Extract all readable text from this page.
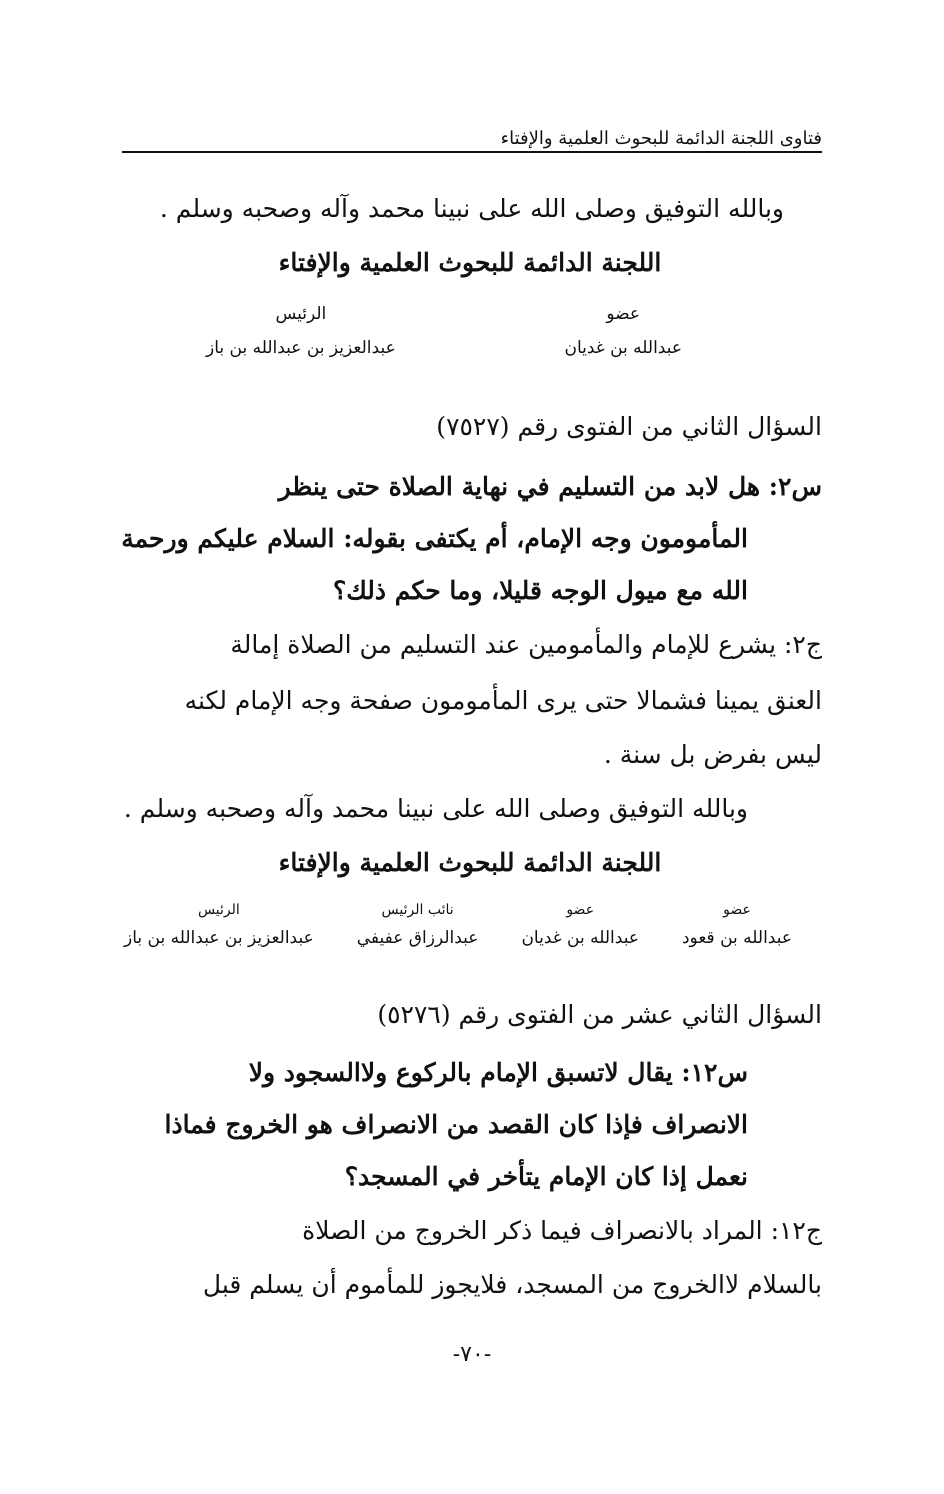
فتاوى اللجنة الدائمة للبحوث العلمية والإفتاء
وبالله التوفيق وصلى الله على نبينا محمد وآله وصحبه وسلم .
اللجنة الدائمة للبحوث العلمية والإفتاء
عضو
عبدالله بن غديان
الرئيس
عبدالعزيز بن عبدالله بن باز
السؤال الثاني من الفتوى رقم (٧٥٢٧)
س٢: هل لابد من التسليم في نهاية الصلاة حتى ينظر
المأمومون وجه الإمام، أم يكتفى بقوله: السلام عليكم ورحمة
الله مع ميول الوجه قليلا، وما حكم ذلك؟
ج٢: يشرع للإمام والمأمومين عند التسليم من الصلاة إمالة
العنق يمينا فشمالا حتى يرى المأمومون صفحة وجه الإمام لكنه
ليس بفرض بل سنة .
وبالله التوفيق وصلى الله على نبينا محمد وآله وصحبه وسلم .
اللجنة الدائمة للبحوث العلمية والإفتاء
عضو
عبدالله بن قعود
عضو
عبدالله بن غديان
نائب الرئيس
عبدالرزاق عفيفي
الرئيس
عبدالعزيز بن عبدالله بن باز
السؤال الثاني عشر من الفتوى رقم (٥٢٧٦)
س١٢: يقال لاتسبق الإمام بالركوع ولاالسجود ولا
الانصراف فإذا كان القصد من الانصراف هو الخروج فماذا
نعمل إذا كان الإمام يتأخر في المسجد؟
ج١٢: المراد بالانصراف فيما ذكر الخروج من الصلاة
بالسلام لاالخروج من المسجد، فلايجوز للمأموم أن يسلم قبل
-٧٠-
